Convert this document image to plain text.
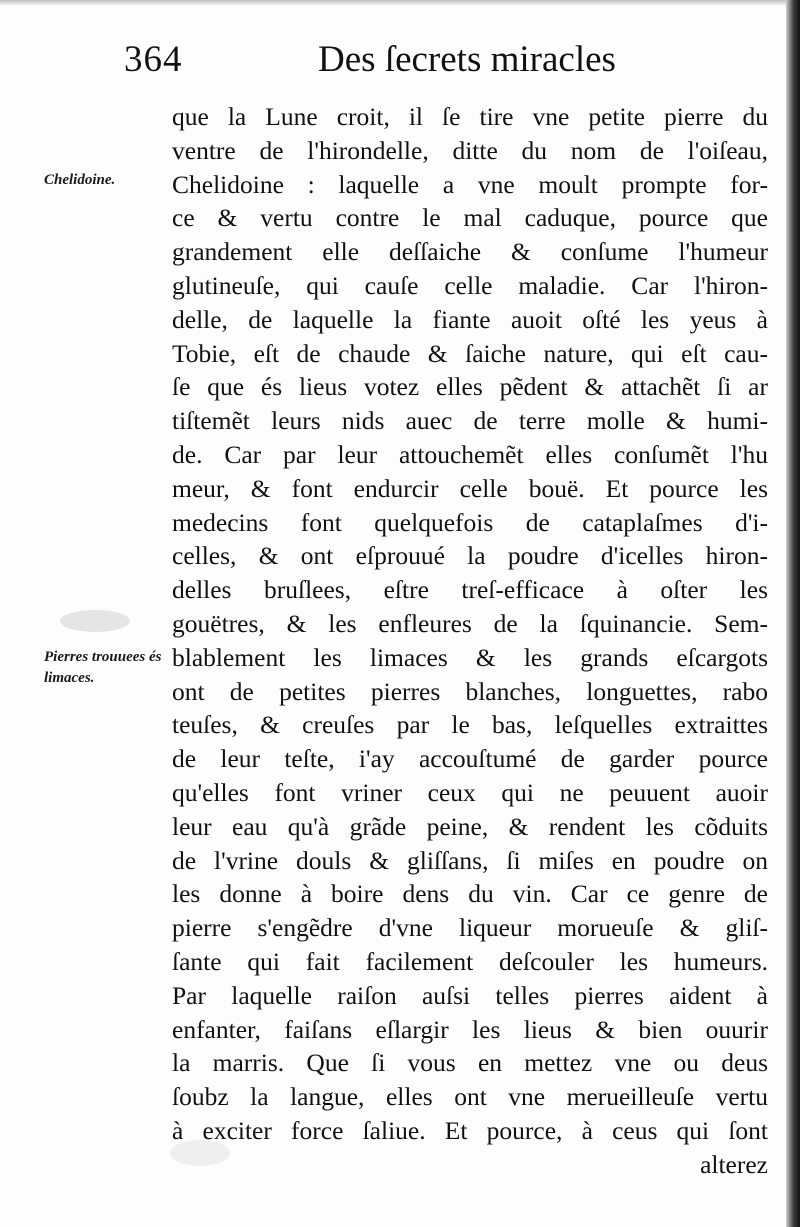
364	Des ſecrets miracles
Chelidoine.
Pierres trouuees és limaces.
que la Lune croit, il ſe tire vne petite pierre du
ventre de l'hirondelle, ditte du nom de l'oiſeau,
Chelidoine : laquelle a vne moult prompte for-
ce & vertu contre le mal caduque, pource que
grandement elle deſſaiche & conſume l'humeur
glutineuſe, qui cauſe celle maladie. Car l'hiron-
delle, de laquelle la fiante auoit oſté les yeus à
Tobie, eſt de chaude & ſaiche nature, qui eſt cau-
ſe que és lieus votez elles pẽdent & attachẽt ſi ar
tiſtemẽt leurs nids auec de terre molle & humi-
de. Car par leur attouchemẽt elles conſumẽt l'hu
meur, & font endurcir celle bouë. Et pource les
medecins font quelquefois de cataplaſmes d'i-
celles, & ont eſprouué la poudre d'icelles hiron-
delles bruſlees, eſtre treſ-efficace à oſter les
gouëtres, & les enfleures de la ſquinancie. Sem-
blablement les limaces & les grands eſcargots
ont de petites pierres blanches, longuettes, rabo
teuſes, & creuſes par le bas, leſquelles extraittes
de leur teſte, i'ay accouſtumé de garder pource
qu'elles font vriner ceux qui ne peuuent auoir
leur eau qu'à grãde peine, & rendent les cõduits
de l'vrine douls & gliſſans, ſi miſes en poudre on
les donne à boire dens du vin. Car ce genre de
pierre s'engẽdre d'vne liqueur morueuſe & gliſ-
ſante qui fait facilement deſcouler les humeurs.
Par laquelle raiſon auſsi telles pierres aident à
enfanter, faiſans eſlargir les lieus & bien ouurir
la marris. Que ſi vous en mettez vne ou deus
ſoubz la langue, elles ont vne merueilleuſe vertu
à exciter force ſaliue. Et pource, à ceus qui ſont
alterez
